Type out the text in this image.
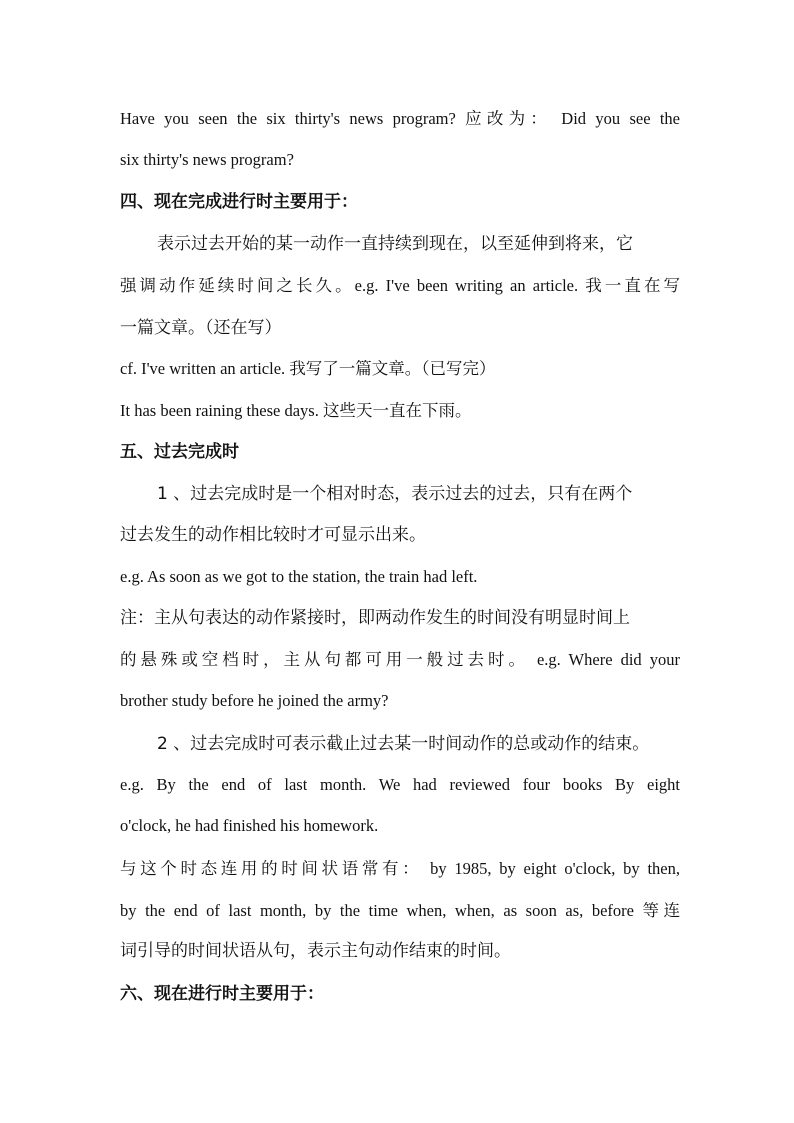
Have you seen the six thirty's news program? 应改为： Did you see the
six thirty's news program?
四、现在完成进行时主要用于：
表示过去开始的某一动作一直持续到现在，以至延伸到将来，它
强调动作延续时间之长久。e.g. I've been writing an article. 我一直在写
一篇文章。（还在写）
cf. I've written an article. 我写了一篇文章。（已写完）
It has been raining these days. 这些天一直在下雨。
五、过去完成时
1 、过去完成时是一个相对时态，表示过去的过去，只有在两个
过去发生的动作相比较时才可显示出来。
e.g. As soon as we got to the station, the train had left.
注：主从句表达的动作紧接时，即两动作发生的时间没有明显时间上
的悬殊或空档时，主从句都可用一般过去时。 e.g. Where did your
brother study before he joined the army?
2 、过去完成时可表示截止过去某一时间动作的总或动作的结束。
e.g. By the end of last month. We had reviewed four books By eight
o'clock, he had finished his homework.
与这个时态连用的时间状语常有： by 1985, by eight o'clock, by then,
by the end of last month, by the time when, when, as soon as, before 等连
词引导的时间状语从句，表示主句动作结束的时间。
六、现在进行时主要用于：
